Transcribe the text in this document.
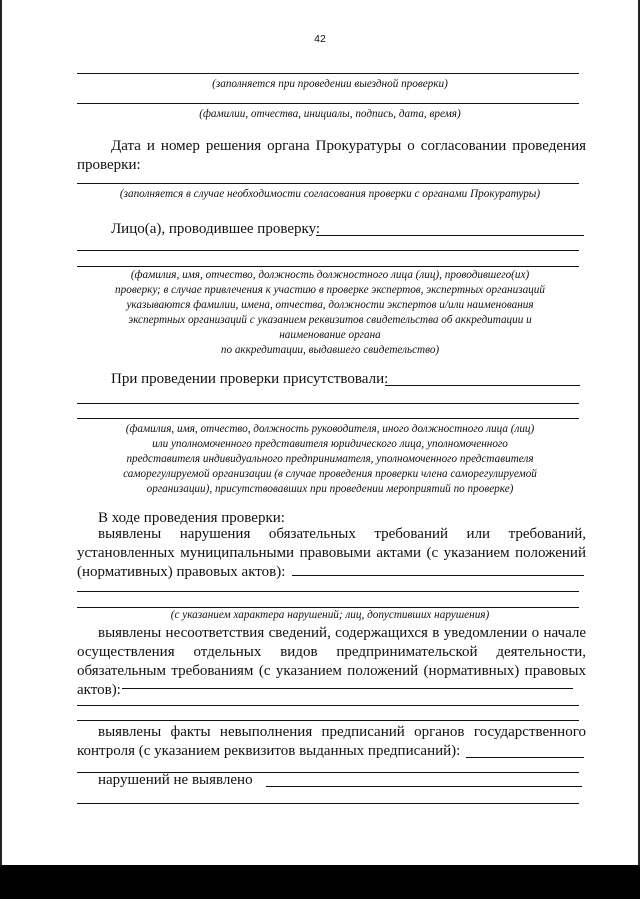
42
(заполняется при проведении выездной проверки)
(фамилии, отчества, инициалы, подпись, дата, время)
Дата и номер решения органа Прокуратуры о согласовании проведения проверки:
(заполняется в случае необходимости согласования проверки с органами Прокуратуры)
Лицо(а), проводившее проверку:
(фамилия, имя, отчество, должность должностного лица (лиц), проводившего(их)
проверку; в случае привлечения к участию в проверке экспертов, экспертных организаций
указываются фамилии, имена, отчества, должности экспертов и/или наименования
экспертных организаций с указанием реквизитов свидетельства об аккредитации и
наименование органа
по аккредитации, выдавшего свидетельство)
При проведении проверки присутствовали:
(фамилия, имя, отчество, должность руководителя, иного должностного лица (лиц)
или уполномоченного представителя юридического лица, уполномоченного
представителя индивидуального предпринимателя, уполномоченного представителя
саморегулируемой организации (в случае проведения проверки члена саморегулируемой
организации), присутствовавших при проведении мероприятий по проверке)
В ходе проведения проверки:
выявлены нарушения обязательных требований или требований, установленных муниципальными правовыми актами (с указанием положений (нормативных) правовых актов):
(с указанием характера нарушений; лиц, допустивших нарушения)
выявлены несоответствия сведений, содержащихся в уведомлении о начале осуществления отдельных видов предпринимательской деятельности, обязательным требованиям (с указанием положений (нормативных) правовых актов):
выявлены факты невыполнения предписаний органов государственного контроля (с указанием реквизитов выданных предписаний):
нарушений не выявлено
